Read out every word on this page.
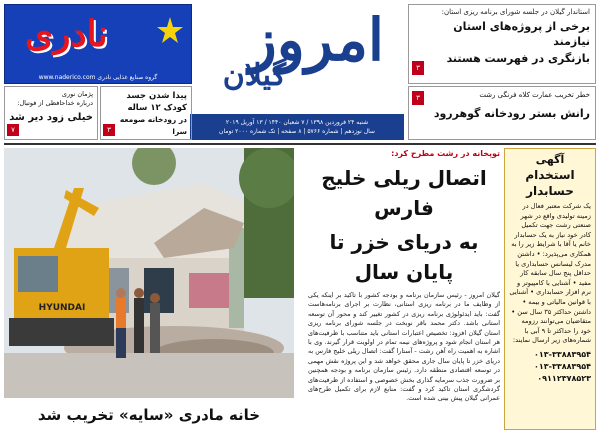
استاندار گیلان در جلسه شورای برنامه ریزی استان:
برخی از پروژه‌های استان نیازمند
بازنگری در فهرست هستند
۳
خطر تخریب عمارت کلاه فرنگی رشت
رانش بستر رودخانه گوهررود
۳
امروز
گیلان
شنبه ۲۴ فروردین ۱۳۹۸ / ۷ شعبان ۱۴۴۰ / ۱۳ آوریل ۲۰۱۹
سال نوزدهم | شماره ۵۷۶۶ | ۸ صفحه | تک شماره ۲۰۰۰ تومان
نادری
www.naderico.com گروه صنایع غذایی نادری
پیدا شدن جسد
کودک ۱۲ ساله
در رودخانه صومعه سرا
۳
پژمان نوری
درباره خداحافظی از فوتبال:
خیلی زود دیر شد
۷
آگهی
استخدام حسابدار
یک شرکت معتبر فعال در زمینه تولیدی واقع در شهر صنعتی رشت جهت تکمیل کادر خود نیاز به یک حسابدار خانم یا آقا با شرایط زیر را به همکاری می‌پذیرد: • داشتن مدرک لیسانس حسابداری یا حداقل پنج سال سابقه کار مفید • آشنایی با کامپیوتر و نرم افزار حسابداری • آشنایی با قوانین مالیاتی و بیمه • داشتن حداکثر ۳۵ سال سن • متقاضیان می‌توانند رزومه خود را حداکثر تا ۹ آبی با شماره‌های زیر ارسال نمایند:
۰۱۳-۳۳۸۸۳۹۵۴ ۰۱۳-۳۳۸۸۳۹۵۴ ۰۹۱۱۲۳۷۸۵۲۳
توپخانه در رشت مطرح کرد:
اتصال ریلی خلیج فارس
به دریای خزر تا پایان سال
گیلان امروز - رئیس سازمان برنامه و بودجه کشور با تاکید بر اینکه یکی از وظایف ما در برنامه ریزی استانی، نظارت بر اجرای برنامه‌هاست گفت: باید ایدئولوژی برنامه ریزی در کشور تغییر کند و محور آن توسعه استانی باشد. دکتر محمد باقر نوبخت در جلسه شورای برنامه ریزی استان گیلان افزود: تخصیص اعتبارات استانی باید متناسب با ظرفیت‌های هر استان انجام شود و پروژه‌های نیمه تمام در اولویت قرار گیرند. وی با اشاره به اهمیت راه آهن رشت - آستارا گفت: اتصال ریلی خلیج فارس به دریای خزر تا پایان سال جاری محقق خواهد شد و این پروژه نقش مهمی در توسعه اقتصادی منطقه دارد. رئیس سازمان برنامه و بودجه همچنین بر ضرورت جذب سرمایه گذاری بخش خصوصی و استفاده از ظرفیت‌های گردشگری استان تاکید کرد و گفت: منابع لازم برای تکمیل طرح‌های عمرانی گیلان پیش بینی شده است.
HYUNDAI
خانه مادری «سایه» تخریب شد
